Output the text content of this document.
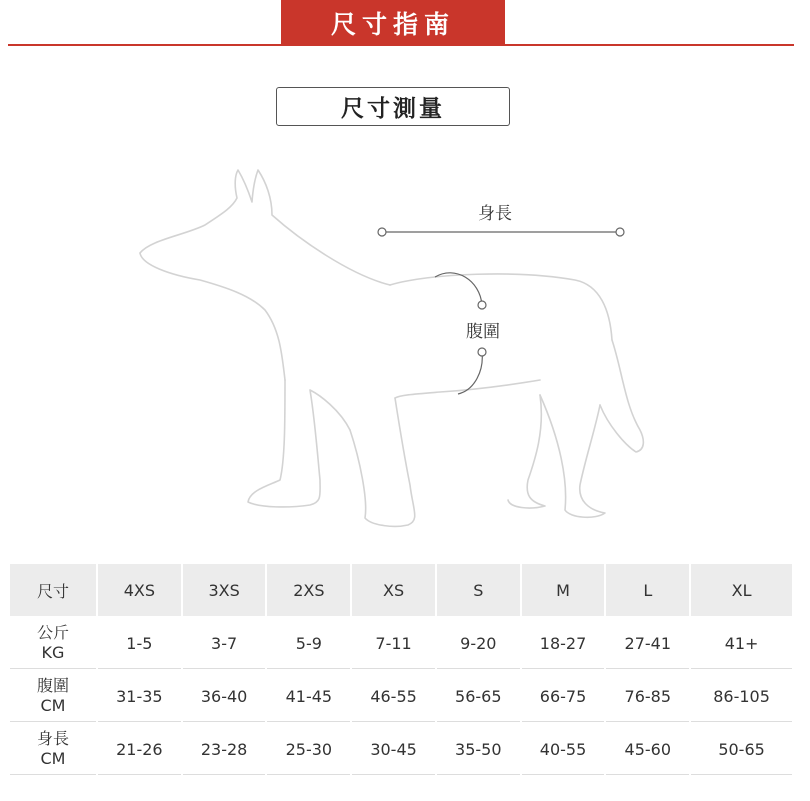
尺寸指南
尺寸測量
身長
腹圍
尺寸	4XS	3XS	2XS	XS	S	M	L	XL

公斤
KG	1-5	3-7	5-9	7-11	9-20	18-27	27-41	41+

腹圍
CM	31-35	36-40	41-45	46-55	56-65	66-75	76-85	86-105

身長
CM	21-26	23-28	25-30	30-45	35-50	40-55	45-60	50-65
